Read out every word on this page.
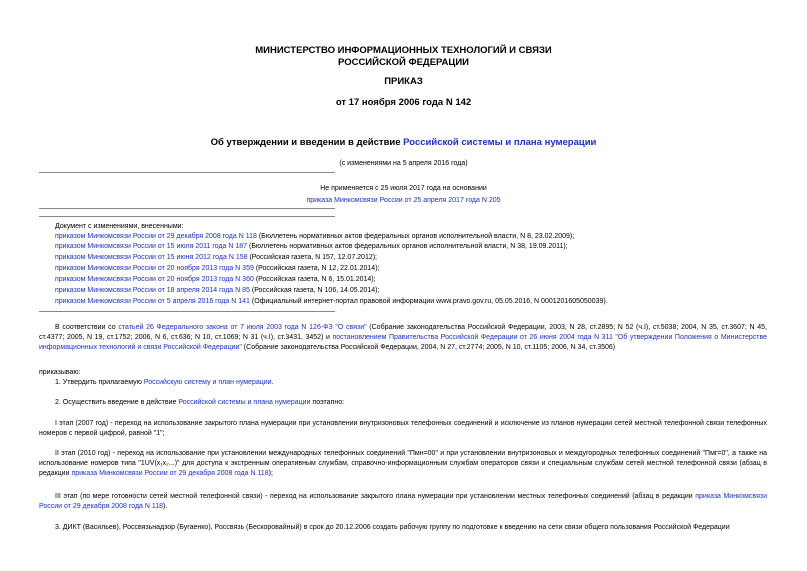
МИНИСТЕРСТВО ИНФОРМАЦИОННЫХ ТЕХНОЛОГИЙ И СВЯЗИ
РОССИЙСКОЙ ФЕДЕРАЦИИ
ПРИКАЗ
от 17 ноября 2006 года N 142
Об утверждении и введении в действие Российской системы и плана нумерации
(с изменениями на 5 апреля 2016 года)
Не применяется с 25 июля 2017 года на основании
приказа Минкомсвязи России от 25 апреля 2017 года N 205
Документ с изменениями, внесенными:
приказом Минкомсвязи России от 29 декабря 2008 года N 118 (Бюллетень нормативных актов федеральных органов исполнительной власти, N 8, 23.02.2009);
приказом Минкомсвязи России от 15 июля 2011 года N 187 (Бюллетень нормативных актов федеральных органов исполнительной власти, N 38, 19.09.2011);
приказом Минкомсвязи России от 15 июня 2012 года N 158 (Российская газета, N 157, 12.07.2012);
приказом Минкомсвязи России от 20 ноября 2013 года N 359 (Российская газета, N 12, 22.01.2014);
приказом Минкомсвязи России от 20 ноября 2013 года N 360 (Российская газета, N 6, 15.01.2014);
приказом Минкомсвязи России от 18 апреля 2014 года N 85 (Российская газета, N 106, 14.05.2014);
приказом Минкомсвязи России от 5 апреля 2016 года N 141 (Официальный интернет-портал правовой информации www.pravo.gov.ru, 05.05.2016, N 0001201605050039).
В соответствии со статьей 26 Федерального закона от 7 июля 2003 года N 126-ФЗ "О связи" (Собрание законодательства Российской Федерации, 2003, N 28, ст.2895; N 52 (ч.I), ст.5038; 2004, N 35, ст.3607; N 45, ст.4377; 2005, N 19, ст.1752; 2006, N 6, ст.636; N 10, ст.1069; N 31 (ч.I), ст.3431, 3452) и постановлением Правительства Российской Федерации от 26 июня 2004 года N 311 "Об утверждении Положения о Министерстве информационных технологий и связи Российской Федерации" (Собрание законодательства Российской Федерации, 2004, N 27, ст.2774; 2005, N 10, ст.1105; 2006, N 34, ст.3506)
приказываю:
1. Утвердить прилагаемую Российскую систему и план нумерации.
2. Осуществить введение в действие Российской системы и плана нумерации поэтапно:
I этап (2007 год) - переход на использование закрытого плана нумерации при установлении внутризоновых телефонных соединений и исключение из планов нумерации сетей местной телефонной связи телефонных номеров с первой цифрой, равной "1";
II этап (2010 год) - переход на использование при установлении международных телефонных соединений "Пмн=00" и при установлении внутризоновых и междугородных телефонных соединений "Пмг=0", а также на использование номеров типа "1UV(x₁x₂...)" для доступа к экстренным оперативным службам, справочно-информационным службам операторов связи и специальным службам сетей местной телефонной связи (абзац в редакции приказа Минкомсвязи России от 29 декабря 2008 года N 118);
III этап (по мере готовности сетей местной телефонной связи) - переход на использование закрытого плана нумерации при установлении местных телефонных соединений (абзац в редакции приказа Минкомсвязи России от 29 декабря 2008 года N 118).
3. ДИКТ (Васильев), Россвязьнадзор (Бугаенко), Россвязь (Бескоровайный) в срок до 20.12.2006 создать рабочую группу по подготовке к введению на сети связи общего пользования Российской Федерации
